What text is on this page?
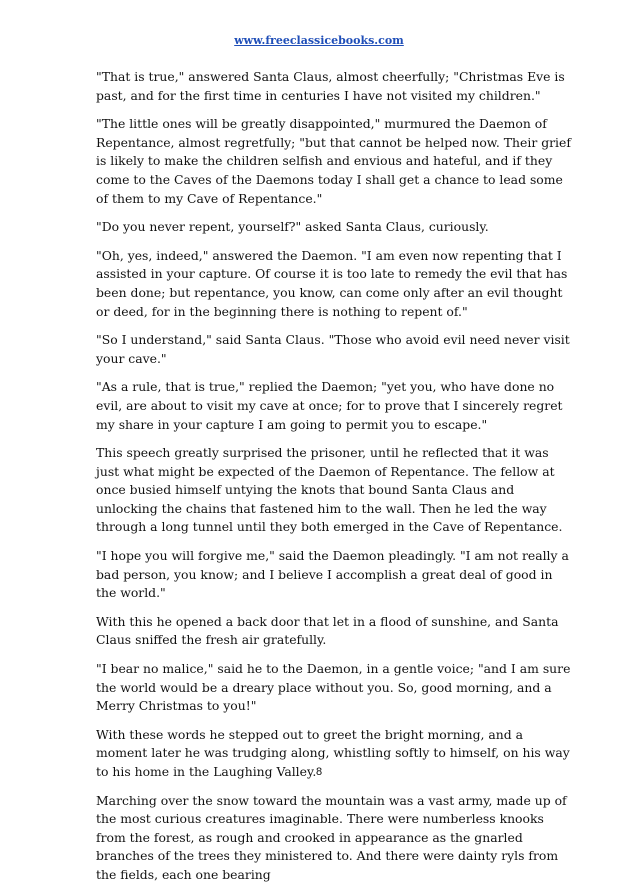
www.freeclassicebooks.com

"That is true," answered Santa Claus, almost cheerfully; "Christmas Eve is past, and for the first time in centuries I have not visited my children."

"The little ones will be greatly disappointed," murmured the Daemon of Repentance, almost regretfully; "but that cannot be helped now. Their grief is likely to make the children selfish and envious and hateful, and if they come to the Caves of the Daemons today I shall get a chance to lead some of them to my Cave of Repentance."

"Do you never repent, yourself?" asked Santa Claus, curiously.

"Oh, yes, indeed," answered the Daemon. "I am even now repenting that I assisted in your capture. Of course it is too late to remedy the evil that has been done; but repentance, you know, can come only after an evil thought or deed, for in the beginning there is nothing to repent of."

"So I understand," said Santa Claus. "Those who avoid evil need never visit your cave."

"As a rule, that is true," replied the Daemon; "yet you, who have done no evil, are about to visit my cave at once; for to prove that I sincerely regret my share in your capture I am going to permit you to escape."

This speech greatly surprised the prisoner, until he reflected that it was just what might be expected of the Daemon of Repentance. The fellow at once busied himself untying the knots that bound Santa Claus and unlocking the chains that fastened him to the wall. Then he led the way through a long tunnel until they both emerged in the Cave of Repentance.

"I hope you will forgive me," said the Daemon pleadingly. "I am not really a bad person, you know; and I believe I accomplish a great deal of good in the world."

With this he opened a back door that let in a flood of sunshine, and Santa Claus sniffed the fresh air gratefully.

"I bear no malice," said he to the Daemon, in a gentle voice; "and I am sure the world would be a dreary place without you. So, good morning, and a Merry Christmas to you!"

With these words he stepped out to greet the bright morning, and a moment later he was trudging along, whistling softly to himself, on his way to his home in the Laughing Valley.

Marching over the snow toward the mountain was a vast army, made up of the most curious creatures imaginable. There were numberless knooks from the forest, as rough and crooked in appearance as the gnarled branches of the trees they ministered to. And there were dainty ryls from the fields, each one bearing

8
